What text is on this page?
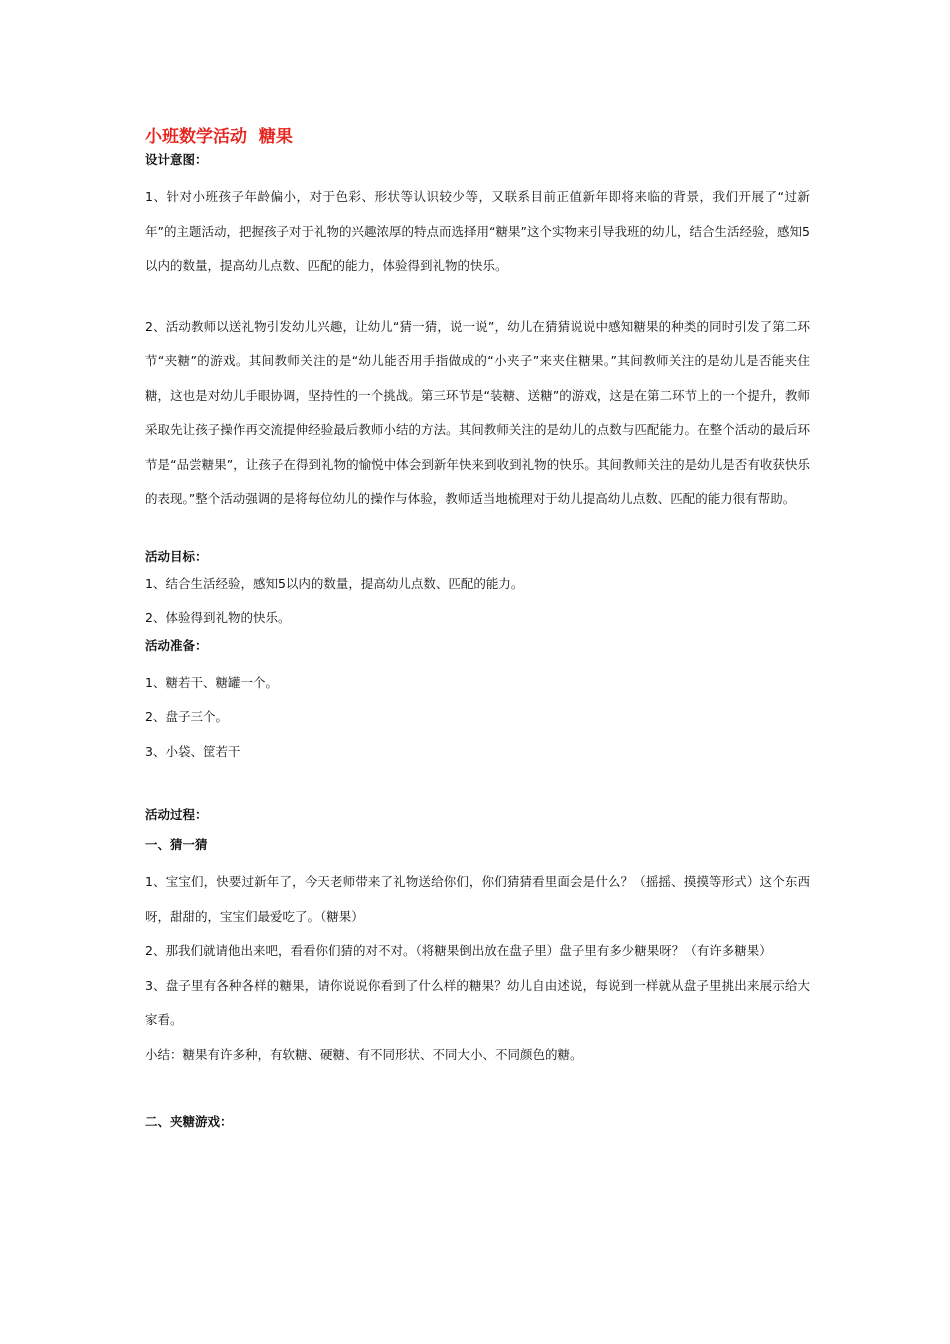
小班数学活动  糖果

设计意图：

1、针对小班孩子年龄偏小，对于色彩、形状等认识较少等，又联系目前正值新年即将来临的背景，我们开展了“过新年”的主题活动，把握孩子对于礼物的兴趣浓厚的特点而选择用“糖果”这个实物来引导我班的幼儿，结合生活经验，感知5以内的数量，提高幼儿点数、匹配的能力，体验得到礼物的快乐。

2、活动教师以送礼物引发幼儿兴趣，让幼儿“猜一猜，说一说”，幼儿在猜猜说说中感知糖果的种类的同时引发了第二环节“夹糖”的游戏。其间教师关注的是“幼儿能否用手指做成的“小夹子”来夹住糖果。”其间教师关注的是幼儿是否能夹住糖，这也是对幼儿手眼协调，坚持性的一个挑战。第三环节是“装糖、送糖”的游戏，这是在第二环节上的一个提升，教师采取先让孩子操作再交流提伸经验最后教师小结的方法。其间教师关注的是幼儿的点数与匹配能力。在整个活动的最后环节是“品尝糖果”，让孩子在得到礼物的愉悦中体会到新年快来到收到礼物的快乐。其间教师关注的是幼儿是否有收获快乐的表现。”整个活动强调的是将每位幼儿的操作与体验，教师适当地梳理对于幼儿提高幼儿点数、匹配的能力很有帮助。

活动目标：

1、结合生活经验，感知5以内的数量，提高幼儿点数、匹配的能力。

2、体验得到礼物的快乐。

活动准备：

1、糖若干、糖罐一个。

2、盘子三个。

3、小袋、筐若干

活动过程：

一、猜一猜

1、宝宝们，快要过新年了，今天老师带来了礼物送给你们，你们猜猜看里面会是什么？（摇摇、摸摸等形式）这个东西呀，甜甜的，宝宝们最爱吃了。（糖果）

2、那我们就请他出来吧，看看你们猜的对不对。（将糖果倒出放在盘子里）盘子里有多少糖果呀？（有许多糖果）

3、盘子里有各种各样的糖果，请你说说你看到了什么样的糖果？幼儿自由述说，每说到一样就从盘子里挑出来展示给大家看。

小结：糖果有许多种，有软糖、硬糖、有不同形状、不同大小、不同颜色的糖。

二、夹糖游戏：
